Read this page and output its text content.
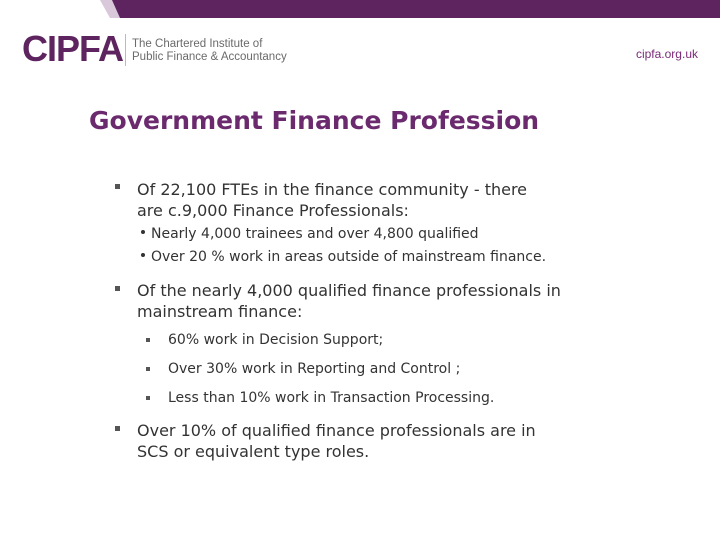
CIPFA The Chartered Institute of
Public Finance & Accountancy	cipfa.org.uk
Government Finance Profession
Of 22,100 FTEs in the finance community - there
are c.9,000 Finance Professionals:
Nearly 4,000 trainees and over 4,800 qualified
Over 20 % work in areas outside of mainstream finance.
Of the nearly 4,000 qualified finance professionals in
mainstream finance:
60% work in Decision Support;
Over 30% work in Reporting and Control ;
Less than 10% work in Transaction Processing.
Over 10% of qualified finance professionals are in
SCS or equivalent type roles.
